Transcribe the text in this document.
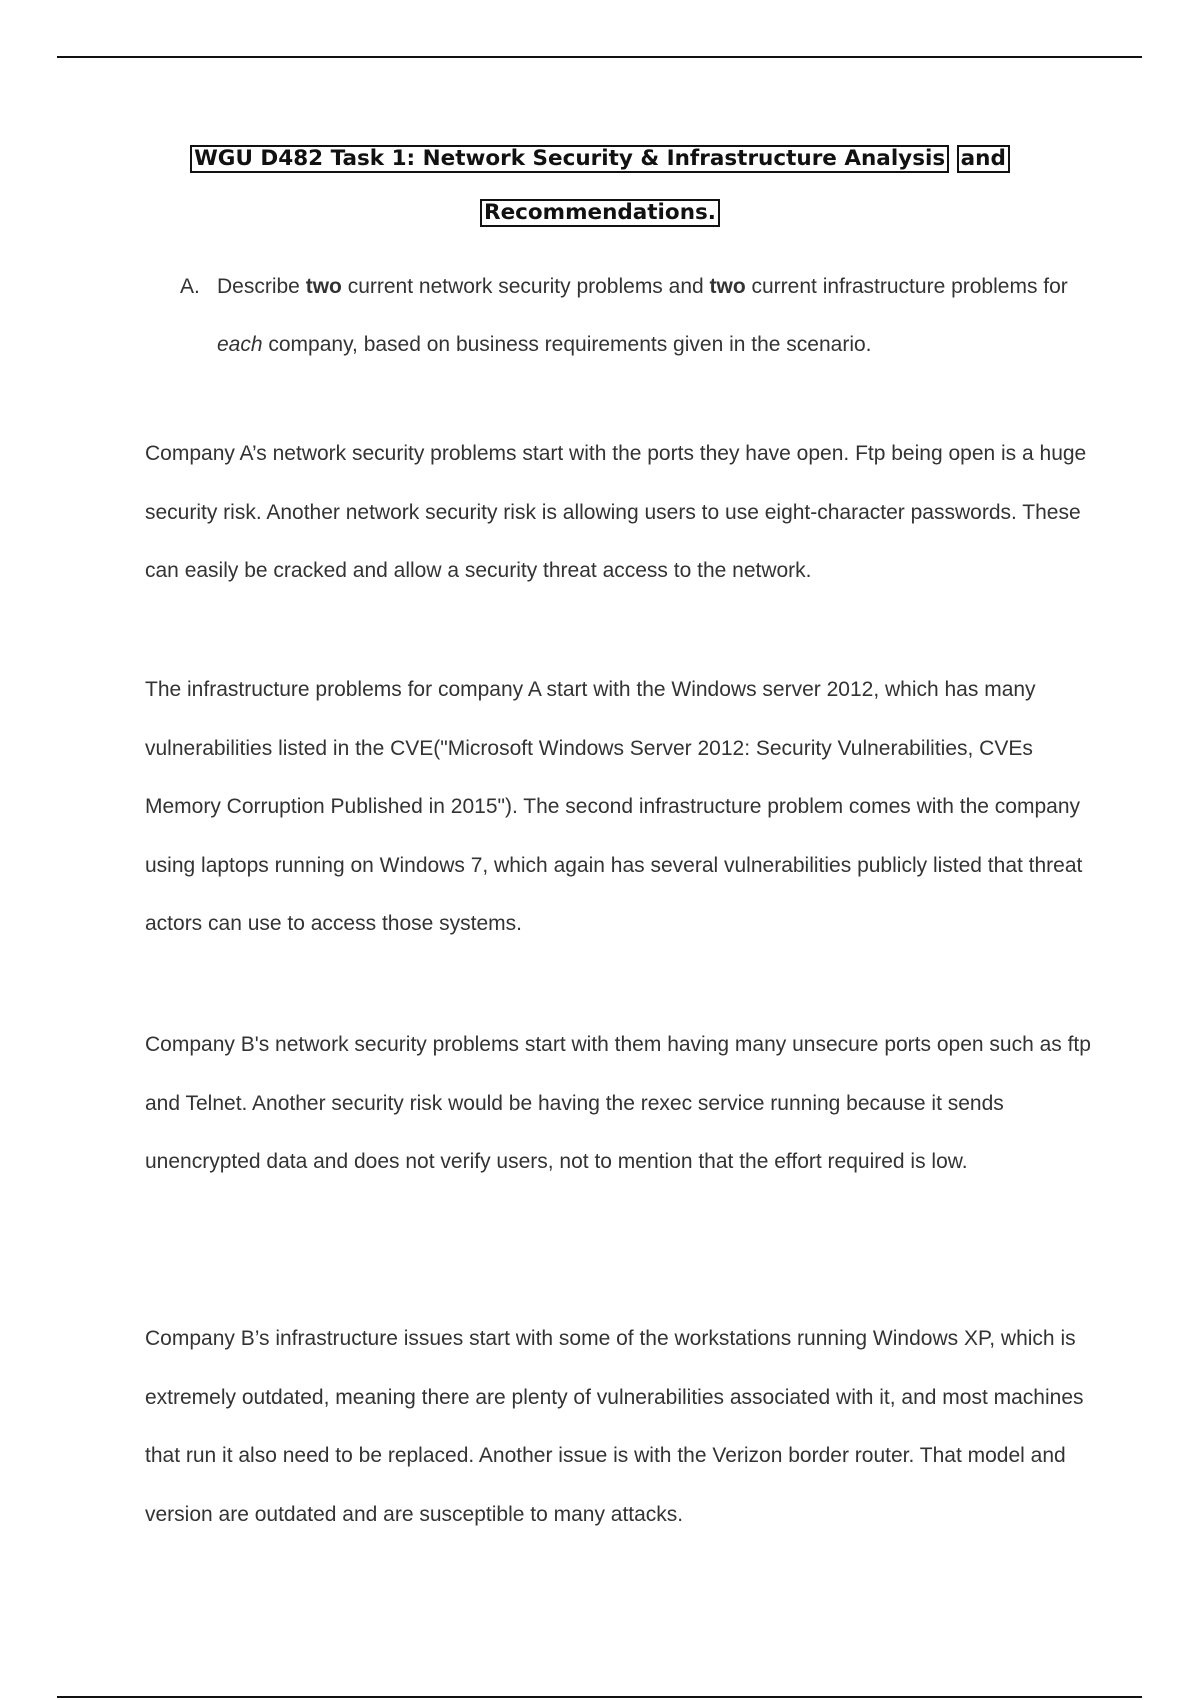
WGU D482 Task 1: Network Security & Infrastructure Analysis and
Recommendations.
A. Describe two current network security problems and two current infrastructure problems for each company, based on business requirements given in the scenario.

Company A’s network security problems start with the ports they have open. Ftp being open is a huge security risk. Another network security risk is allowing users to use eight-character passwords. These can easily be cracked and allow a security threat access to the network.

The infrastructure problems for company A start with the Windows server 2012, which has many vulnerabilities listed in the CVE("Microsoft Windows Server 2012: Security Vulnerabilities, CVEs Memory Corruption Published in 2015"). The second infrastructure problem comes with the company using laptops running on Windows 7, which again has several vulnerabilities publicly listed that threat actors can use to access those systems.

Company B's network security problems start with them having many unsecure ports open such as ftp and Telnet. Another security risk would be having the rexec service running because it sends unencrypted data and does not verify users, not to mention that the effort required is low.

Company B’s infrastructure issues start with some of the workstations running Windows XP, which is extremely outdated, meaning there are plenty of vulnerabilities associated with it, and most machines that run it also need to be replaced. Another issue is with the Verizon border router. That model and version are outdated and are susceptible to many attacks.
